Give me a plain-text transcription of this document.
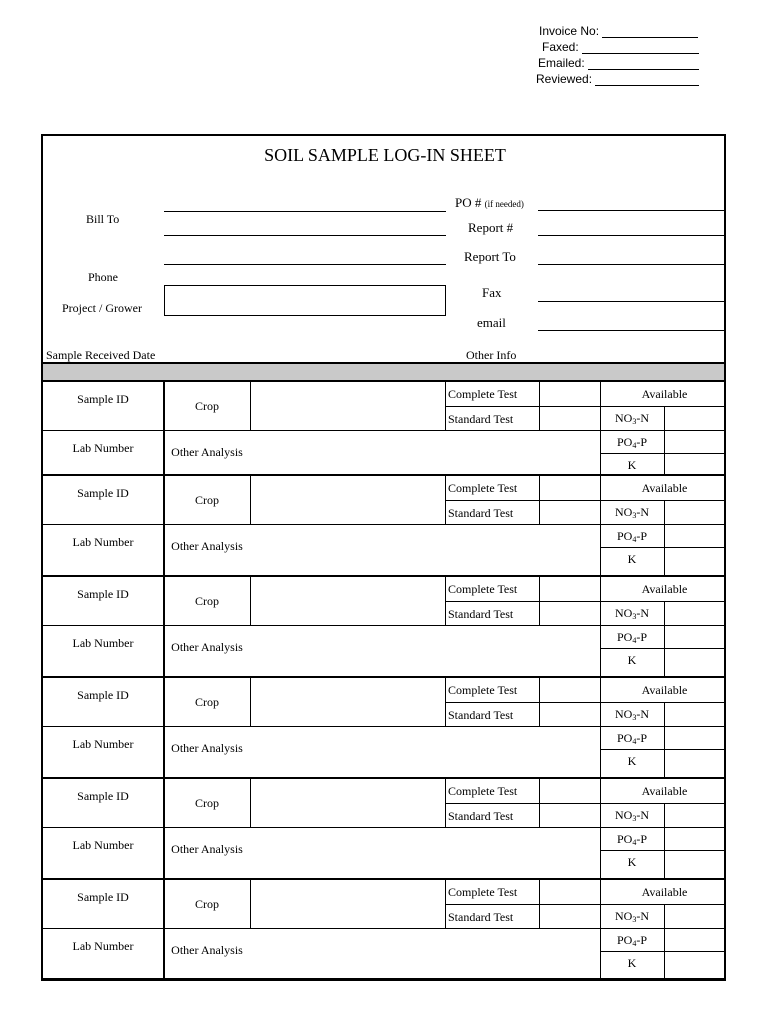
Invoice No:
Faxed:
Emailed:
Reviewed:
SOIL SAMPLE LOG-IN SHEET
Bill To
Phone
Project / Grower
Sample Received Date
PO # (if needed)
Report #
Report To
Fax
email
Other Info
Sample ID
Lab Number
Crop
Other Analysis
Complete Test
Standard Test
Available
$NO_3-N$
$PO_4-P$
K
Sample ID
Lab Number
Crop
Other Analysis
Complete Test
Standard Test
Available
$NO_3-N$
$PO_4-P$
K
Sample ID
Lab Number
Crop
Other Analysis
Complete Test
Standard Test
Available
$NO_3-N$
$PO_4-P$
K
Sample ID
Lab Number
Crop
Other Analysis
Complete Test
Standard Test
Available
$NO_3-N$
$PO_4-P$
K
Sample ID
Lab Number
Crop
Other Analysis
Complete Test
Standard Test
Available
$NO_3-N$
$PO_4-P$
K
Sample ID
Lab Number
Crop
Other Analysis
Complete Test
Standard Test
Available
$NO_3-N$
$PO_4-P$
K
